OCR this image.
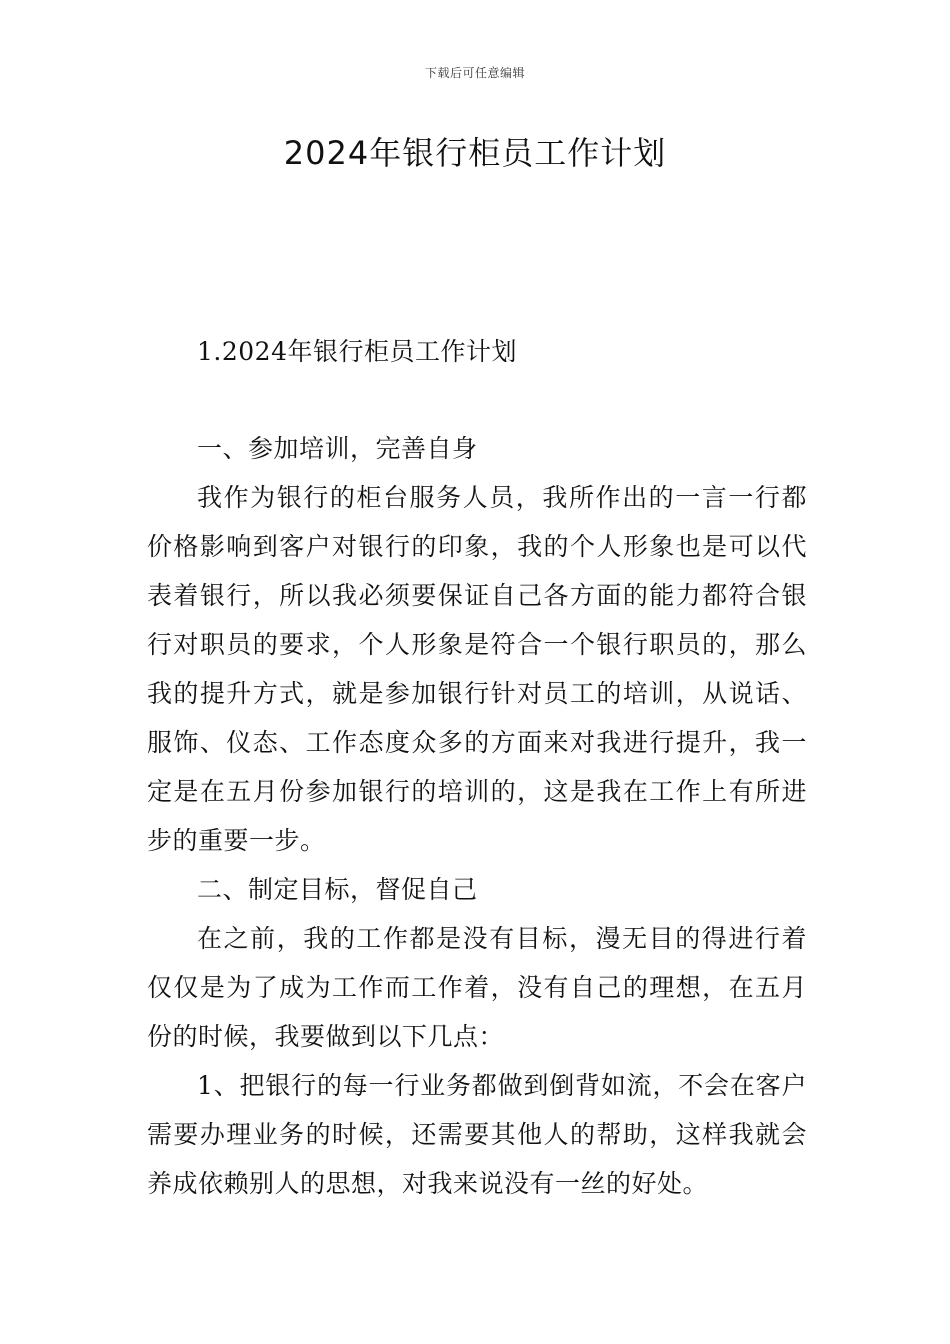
下载后可任意编辑
2024年银行柜员工作计划

1.2024年银行柜员工作计划

一、参加培训，完善自身

我作为银行的柜台服务人员，我所作出的一言一行都价格影响到客户对银行的印象，我的个人形象也是可以代表着银行，所以我必须要保证自己各方面的能力都符合银行对职员的要求，个人形象是符合一个银行职员的，那么我的提升方式，就是参加银行针对员工的培训，从说话、服饰、仪态、工作态度众多的方面来对我进行提升，我一定是在五月份参加银行的培训的，这是我在工作上有所进步的重要一步。

二、制定目标，督促自己

在之前，我的工作都是没有目标，漫无目的得进行着仅仅是为了成为工作而工作着，没有自己的理想，在五月份的时候，我要做到以下几点：

1、把银行的每一行业务都做到倒背如流，不会在客户需要办理业务的时候，还需要其他人的帮助，这样我就会养成依赖别人的思想，对我来说没有一丝的好处。
